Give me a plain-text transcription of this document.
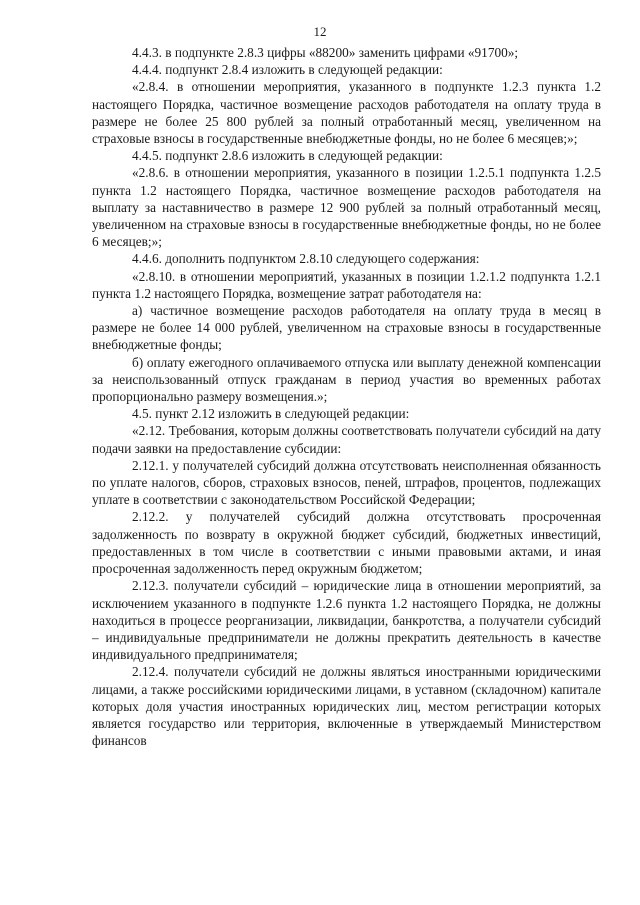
12

4.4.3. в подпункте 2.8.3 цифры «88200» заменить цифрами «91700»;

4.4.4. подпункт 2.8.4 изложить в следующей редакции:

«2.8.4. в отношении мероприятия, указанного в подпункте 1.2.3 пункта 1.2 настоящего Порядка, частичное возмещение расходов работодателя на оплату труда в размере не более 25 800 рублей за полный отработанный месяц, увеличенном на страховые взносы в государственные внебюджетные фонды, но не более 6 месяцев;»;

4.4.5. подпункт 2.8.6 изложить в следующей редакции:

«2.8.6. в отношении мероприятия, указанного в позиции 1.2.5.1 подпункта 1.2.5 пункта 1.2 настоящего Порядка, частичное возмещение расходов работодателя на выплату за наставничество в размере 12 900 рублей за полный отработанный месяц, увеличенном на страховые взносы в государственные внебюджетные фонды, но не более 6 месяцев;»;

4.4.6. дополнить подпунктом 2.8.10 следующего содержания:

«2.8.10. в отношении мероприятий, указанных в позиции 1.2.1.2 подпункта 1.2.1 пункта 1.2 настоящего Порядка, возмещение затрат работодателя на:

а) частичное возмещение расходов работодателя на оплату труда в месяц в размере не более 14 000 рублей, увеличенном на страховые взносы в государственные внебюджетные фонды;

б) оплату ежегодного оплачиваемого отпуска или выплату денежной компенсации за неиспользованный отпуск гражданам в период участия во временных работах пропорционально размеру возмещения.»;

4.5. пункт 2.12 изложить в следующей редакции:

«2.12. Требования, которым должны соответствовать получатели субсидий на дату подачи заявки на предоставление субсидии:

2.12.1. у получателей субсидий должна отсутствовать неисполненная обязанность по уплате налогов, сборов, страховых взносов, пеней, штрафов, процентов, подлежащих уплате в соответствии с законодательством Российской Федерации;

2.12.2. у получателей субсидий должна отсутствовать просроченная задолженность по возврату в окружной бюджет субсидий, бюджетных инвестиций, предоставленных в том числе в соответствии с иными правовыми актами, и иная просроченная задолженность перед окружным бюджетом;

2.12.3. получатели субсидий – юридические лица в отношении мероприятий, за исключением указанного в подпункте 1.2.6 пункта 1.2 настоящего Порядка, не должны находиться в процессе реорганизации, ликвидации, банкротства, а получатели субсидий – индивидуальные предприниматели не должны прекратить деятельность в качестве индивидуального предпринимателя;

2.12.4. получатели субсидий не должны являться иностранными юридическими лицами, а также российскими юридическими лицами, в уставном (складочном) капитале которых доля участия иностранных юридических лиц, местом регистрации которых является государство или территория, включенные в утверждаемый Министерством финансов
